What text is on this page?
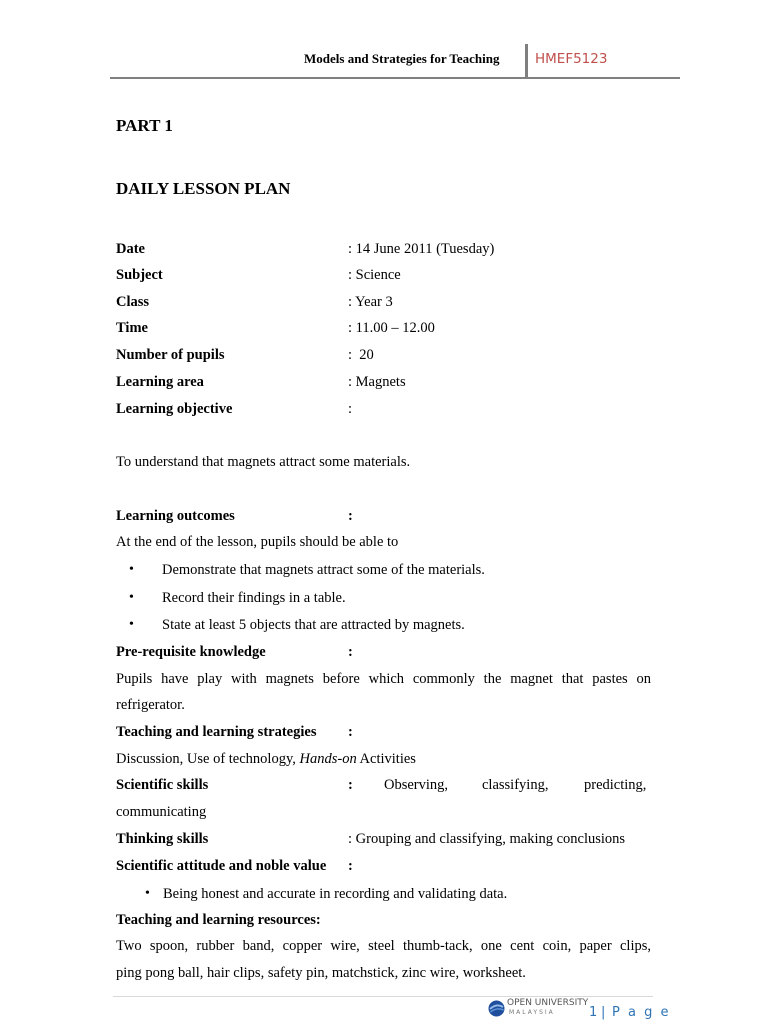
Models and Strategies for Teaching	HMEF5123
PART 1
DAILY LESSON PLAN
Date	: 14 June 2011 (Tuesday)
Subject	: Science
Class	: Year 3
Time	: 11.00 – 12.00
Number of pupils	:  20
Learning area	: Magnets
Learning objective	:
To understand that magnets attract some materials.
Learning outcomes	:
At the end of the lesson, pupils should be able to
• Demonstrate that magnets attract some of the materials.
• Record their findings in a table.
• State at least 5 objects that are attracted by magnets.
Pre-requisite knowledge	:
Pupils have play with magnets before which commonly the magnet that pastes on
refrigerator.
Teaching and learning strategies :
Discussion, Use of technology, Hands-on Activities
Scientific skills	: Observing, classifying, predicting,
communicating
Thinking skills	: Grouping and classifying, making conclusions
Scientific attitude and noble value :
• Being honest and accurate in recording and validating data.
Teaching and learning resources:
Two spoon, rubber band, copper wire, steel thumb-tack, one cent coin, paper clips,
ping pong ball, hair clips, safety pin, matchstick, zinc wire, worksheet.
OPEN UNIVERSITY
MALAYSIA	1 | P a g e
